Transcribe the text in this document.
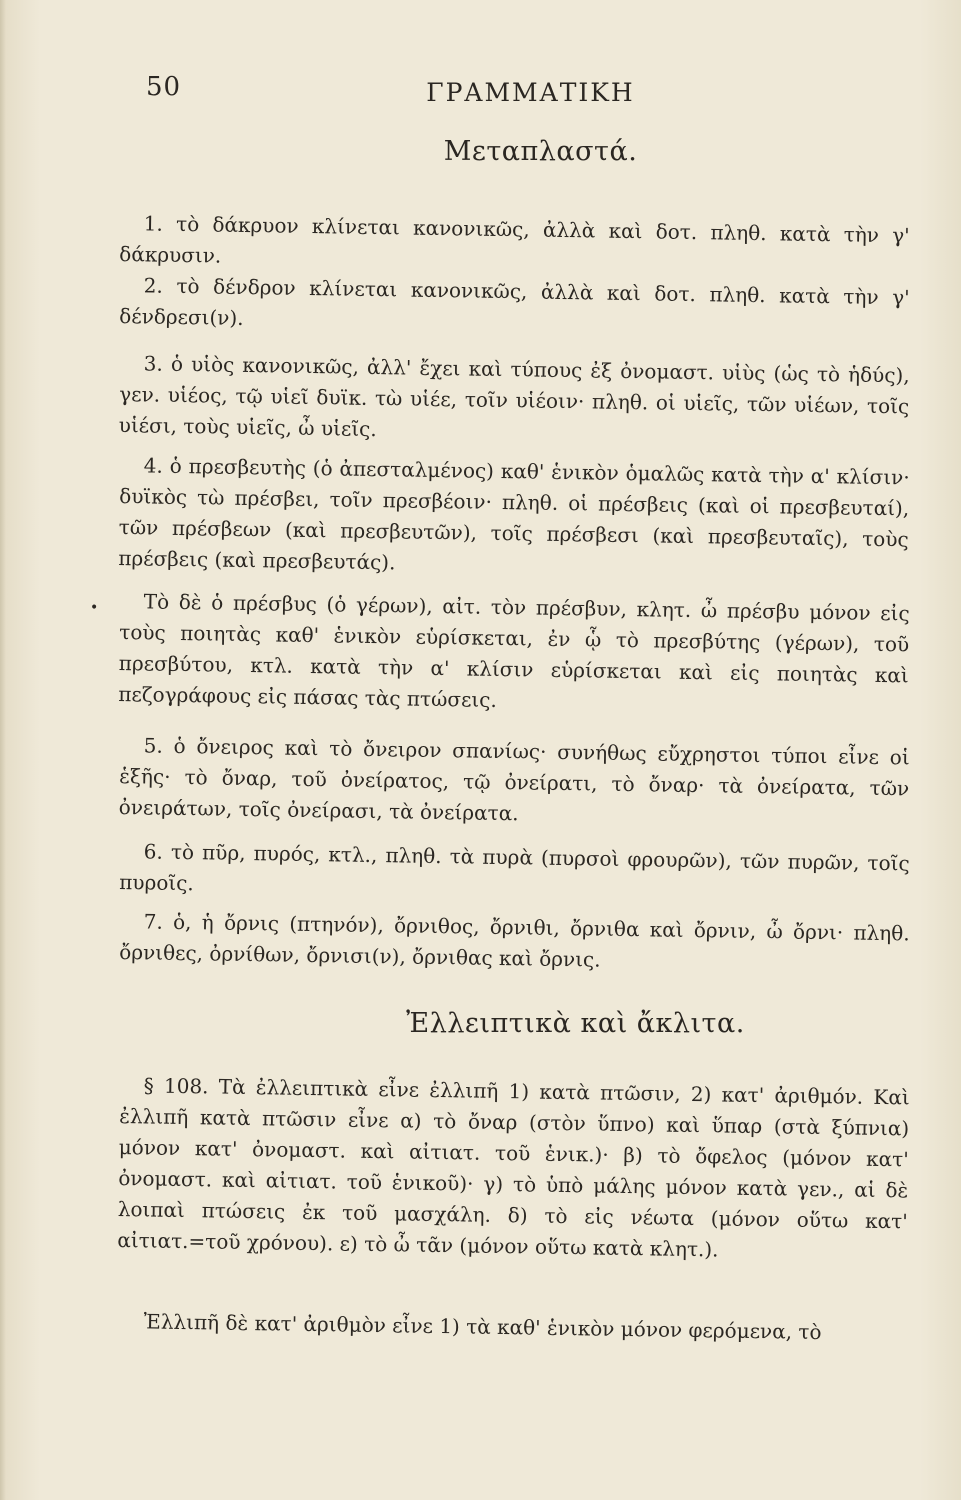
50	ΓΡΑΜΜΑΤΙΚΗ
Μεταπλαστά.
1. τὸ δάκρυον κλίνεται κανονικῶς, ἀλλὰ καὶ δοτ. πληθ. κατὰ τὴν γ' δάκρυσιν.
2. τὸ δένδρον κλίνεται κανονικῶς, ἀλλὰ καὶ δοτ. πληθ. κατὰ τὴν γ' δένδρεσι(ν).
3. ὁ υἱὸς κανονικῶς, ἀλλ' ἔχει καὶ τύπους ἐξ ὀνομαστ. υἱὺς (ὡς τὸ ἡδύς), γεν. υἱέος, τῷ υἱεῖ δυϊκ. τὼ υἱέε, τοῖν υἱέοιν· πληθ. οἱ υἱεῖς, τῶν υἱέων, τοῖς υἱέσι, τοὺς υἱεῖς, ὦ υἱεῖς.
4. ὁ πρεσβευτὴς (ὁ ἀπεσταλμένος) καθ' ἑνικὸν ὁμαλῶς κατὰ τὴν α' κλίσιν· δυϊκὸς τὼ πρέσβει, τοῖν πρεσβέοιν· πληθ. οἱ πρέσβεις (καὶ οἱ πρεσβευταί), τῶν πρέσβεων (καὶ πρεσβευτῶν), τοῖς πρέσβεσι (καὶ πρεσβευταῖς), τοὺς πρέσβεις (καὶ πρεσβευτάς).
•	Τὸ δὲ ὁ πρέσβυς (ὁ γέρων), αἰτ. τὸν πρέσβυν, κλητ. ὦ πρέσβυ μόνον εἰς τοὺς ποιητὰς καθ' ἑνικὸν εὑρίσκεται, ἐν ᾧ τὸ πρεσβύτης (γέρων), τοῦ πρεσβύτου, κτλ. κατὰ τὴν α' κλίσιν εὑρίσκεται καὶ εἰς ποιητὰς καὶ πεζογράφους εἰς πάσας τὰς πτώσεις.
5. ὁ ὄνειρος καὶ τὸ ὄνειρον σπανίως· συνήθως εὔχρηστοι τύποι εἶνε οἱ ἑξῆς· τὸ ὄναρ, τοῦ ὀνείρατος, τῷ ὀνείρατι, τὸ ὄναρ· τὰ ὀνείρατα, τῶν ὀνειράτων, τοῖς ὀνείρασι, τὰ ὀνείρατα.
6. τὸ πῦρ, πυρός, κτλ., πληθ. τὰ πυρὰ (πυρσοὶ φρουρῶν), τῶν πυρῶν, τοῖς πυροῖς.
7. ὁ, ἡ ὄρνις (πτηνόν), ὄρνιθος, ὄρνιθι, ὄρνιθα καὶ ὄρνιν, ὦ ὄρνι· πληθ. ὄρνιθες, ὀρνίθων, ὄρνισι(ν), ὄρνιθας καὶ ὄρνις.
Ἐλλειπτικὰ καὶ ἄκλιτα.
§ 108. Τὰ ἐλλειπτικὰ εἶνε ἐλλιπῆ 1) κατὰ πτῶσιν, 2) κατ' ἀριθμόν. Καὶ ἐλλιπῆ κατὰ πτῶσιν εἶνε α) τὸ ὄναρ (στὸν ὕπνο) καὶ ὕπαρ (στὰ ξύπνια) μόνον κατ' ὀνομαστ. καὶ αἰτιατ. τοῦ ἑνικ.)· β) τὸ ὄφελος (μόνον κατ' ὀνομαστ. καὶ αἰτιατ. τοῦ ἑνικοῦ)· γ) τὸ ὑπὸ μάλης μόνον κατὰ γεν., αἱ δὲ λοιπαὶ πτώσεις ἐκ τοῦ μασχάλη. δ) τὸ εἰς νέωτα (μόνον οὕτω κατ' αἰτιατ.=τοῦ χρόνου). ε) τὸ ὦ τᾶν (μόνον οὕτω κατὰ κλητ.).
Ἐλλιπῆ δὲ κατ' ἀριθμὸν εἶνε 1) τὰ καθ' ἑνικὸν μόνον φερόμενα, τὸ
